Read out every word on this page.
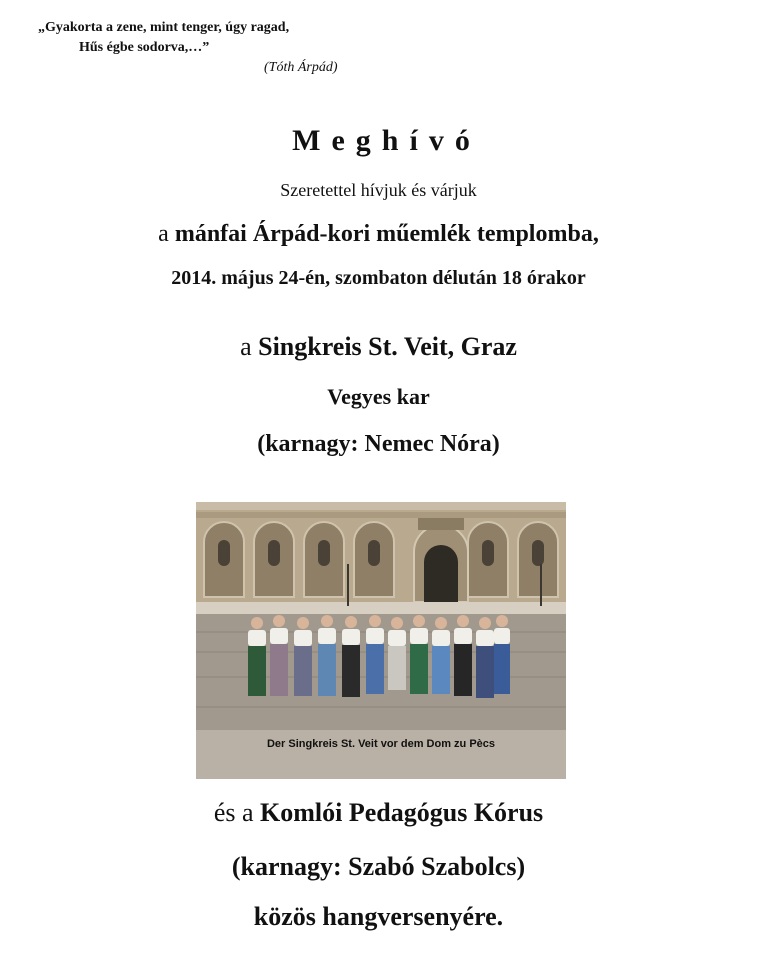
„Gyakorta a zene, mint tenger, úgy ragad,
Hűs égbe sodorva,…”
(Tóth Árpád)
Meghívó
Szeretettel hívjuk és várjuk
a mánfai Árpád-kori műemlék templomba,
2014. május 24-én, szombaton délután 18 órakor
a Singkreis St. Veit, Graz
Vegyes kar
(karnagy: Nemec Nóra)
Der Singkreis St. Veit vor dem Dom zu Pècs
és a Komlói Pedagógus Kórus
(karnagy: Szabó Szabolcs)
közös hangversenyére.
